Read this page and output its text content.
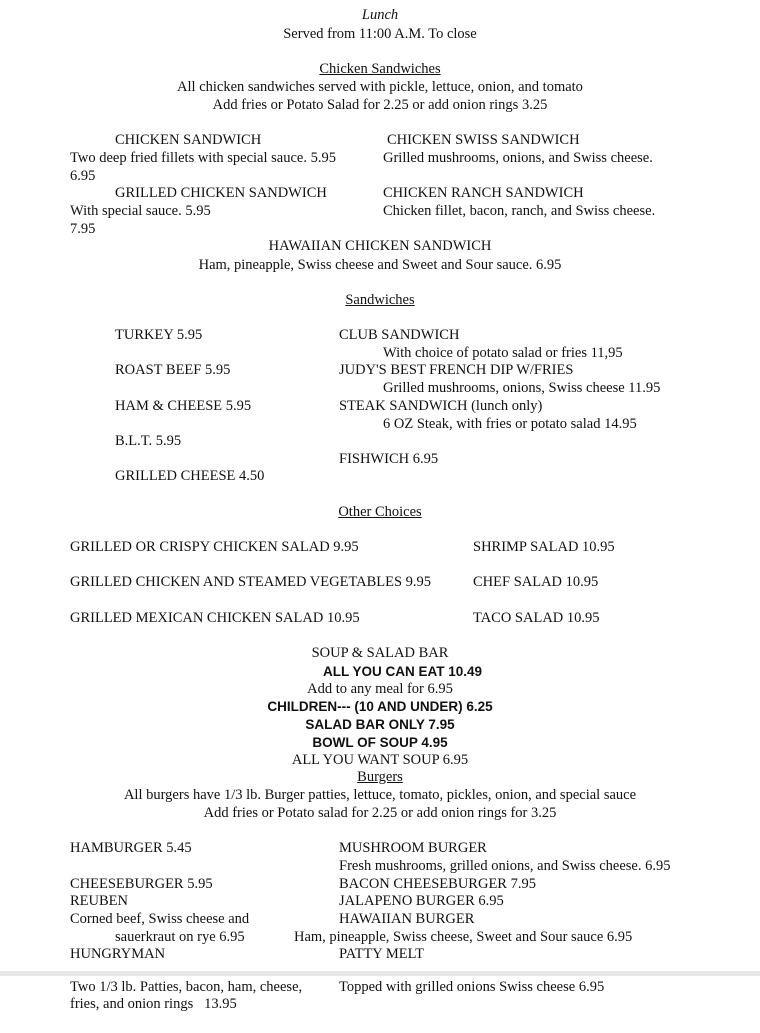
Lunch
Served from 11:00 A.M. To close
Chicken Sandwiches
All chicken sandwiches served with pickle, lettuce, onion, and tomato
Add fries or Potato Salad for 2.25 or add onion rings 3.25
CHICKEN SANDWICH
Two deep fried fillets with special sauce. 5.95
6.95
CHICKEN SWISS SANDWICH
Grilled mushrooms, onions, and Swiss cheese.
GRILLED CHICKEN SANDWICH
With special sauce. 5.95
7.95
CHICKEN RANCH SANDWICH
Chicken fillet, bacon, ranch, and Swiss cheese.
HAWAIIAN CHICKEN SANDWICH
Ham, pineapple, Swiss cheese and Sweet and Sour sauce. 6.95
Sandwiches
TURKEY 5.95
ROAST BEEF 5.95
HAM & CHEESE 5.95
B.L.T. 5.95
GRILLED CHEESE 4.50
CLUB SANDWICH
With choice of potato salad or fries 11,95
JUDY'S BEST FRENCH DIP W/FRIES
Grilled mushrooms, onions, Swiss cheese 11.95
STEAK SANDWICH (lunch only)
6 OZ Steak, with fries or potato salad 14.95
FISHWICH 6.95
Other Choices
GRILLED OR CRISPY CHICKEN SALAD 9.95
GRILLED CHICKEN AND STEAMED VEGETABLES 9.95
GRILLED MEXICAN CHICKEN SALAD 10.95
SHRIMP SALAD 10.95
CHEF SALAD 10.95
TACO SALAD 10.95
SOUP & SALAD BAR
ALL YOU CAN EAT 10.49
Add to any meal for 6.95
CHILDREN--- (10 AND UNDER) 6.25
SALAD BAR ONLY 7.95
BOWL OF SOUP 4.95
ALL YOU WANT SOUP 6.95
Burgers
All burgers have 1/3 lb. Burger patties, lettuce, tomato, pickles, onion, and special sauce
Add fries or Potato salad for 2.25 or add onion rings for 3.25
HAMBURGER 5.45
CHEESEBURGER 5.95
REUBEN
Corned beef, Swiss cheese and
sauerkraut on rye 6.95
HUNGRYMAN
Two 1/3 lb. Patties, bacon, ham, cheese,
fries, and onion rings   13.95
MUSHROOM BURGER
Fresh mushrooms, grilled onions, and Swiss cheese. 6.95
BACON CHEESEBURGER 7.95
JALAPENO BURGER 6.95
HAWAIIAN BURGER
Ham, pineapple, Swiss cheese, Sweet and Sour sauce 6.95
PATTY MELT
Topped with grilled onions Swiss cheese 6.95
